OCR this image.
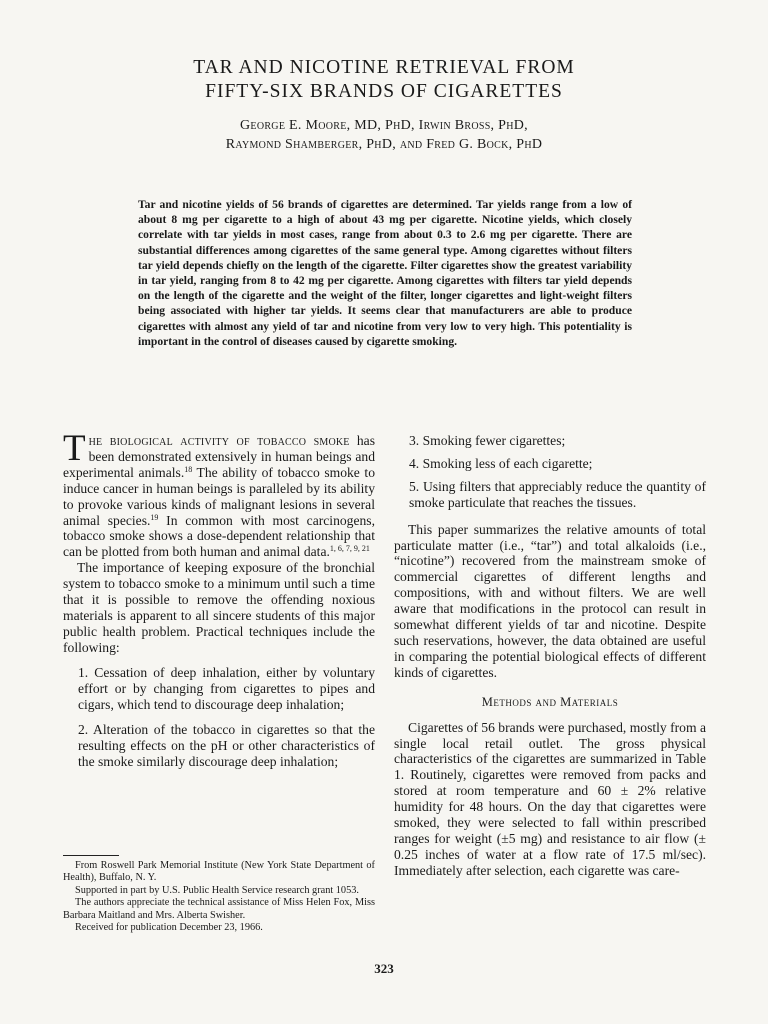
TAR AND NICOTINE RETRIEVAL FROM
FIFTY-SIX BRANDS OF CIGARETTES
George E. Moore, MD, PhD, Irwin Bross, PhD,
Raymond Shamberger, PhD, and Fred G. Bock, PhD
Tar and nicotine yields of 56 brands of cigarettes are determined. Tar yields range from a low of about 8 mg per cigarette to a high of about 43 mg per cigarette. Nicotine yields, which closely correlate with tar yields in most cases, range from about 0.3 to 2.6 mg per cigarette. There are substantial differences among cigarettes of the same general type. Among cigarettes without filters tar yield depends chiefly on the length of the cigarette. Filter cigarettes show the greatest variability in tar yield, ranging from 8 to 42 mg per cigarette. Among cigarettes with filters tar yield depends on the length of the cigarette and the weight of the filter, longer cigarettes and light-weight filters being associated with higher tar yields. It seems clear that manufacturers are able to produce cigarettes with almost any yield of tar and nicotine from very low to very high. This potentiality is important in the control of diseases caused by cigarette smoking.

The biological activity of tobacco smoke has been demonstrated extensively in human beings and experimental animals.$^{18}$ The ability of tobacco smoke to induce cancer in human beings is paralleled by its ability to provoke various kinds of malignant lesions in several animal species.$^{19}$ In common with most carcinogens, tobacco smoke shows a dose-dependent relationship that can be plotted from both human and animal data.$^{1, 6, 7, 9, 21}$

The importance of keeping exposure of the bronchial system to tobacco smoke to a minimum until such a time that it is possible to remove the offending noxious materials is apparent to all sincere students of this major public health problem. Practical techniques include the following:

1. Cessation of deep inhalation, either by voluntary effort or by changing from cigarettes to pipes and cigars, which tend to discourage deep inhalation;

2. Alteration of the tobacco in cigarettes so that the resulting effects on the pH or other characteristics of the smoke similarly discourage deep inhalation;

3. Smoking fewer cigarettes;

4. Smoking less of each cigarette;

5. Using filters that appreciably reduce the quantity of smoke particulate that reaches the tissues.

This paper summarizes the relative amounts of total particulate matter (i.e., “tar”) and total alkaloids (i.e., “nicotine”) recovered from the mainstream smoke of commercial cigarettes of different lengths and compositions, with and without filters. We are well aware that modifications in the protocol can result in somewhat different yields of tar and nicotine. Despite such reservations, however, the data obtained are useful in comparing the potential biological effects of different kinds of cigarettes.

Methods and Materials

Cigarettes of 56 brands were purchased, mostly from a single local retail outlet. The gross physical characteristics of the cigarettes are summarized in Table 1. Routinely, cigarettes were removed from packs and stored at room temperature and 60 ± 2% relative humidity for 48 hours. On the day that cigarettes were smoked, they were selected to fall within prescribed ranges for weight (±5 mg) and resistance to air flow (± 0.25 inches of water at a flow rate of 17.5 ml/sec). Immediately after selection, each cigarette was care-

From Roswell Park Memorial Institute (New York State Department of Health), Buffalo, N. Y.

Supported in part by U.S. Public Health Service research grant 1053.

The authors appreciate the technical assistance of Miss Helen Fox, Miss Barbara Maitland and Mrs. Alberta Swisher.

Received for publication December 23, 1966.

323
